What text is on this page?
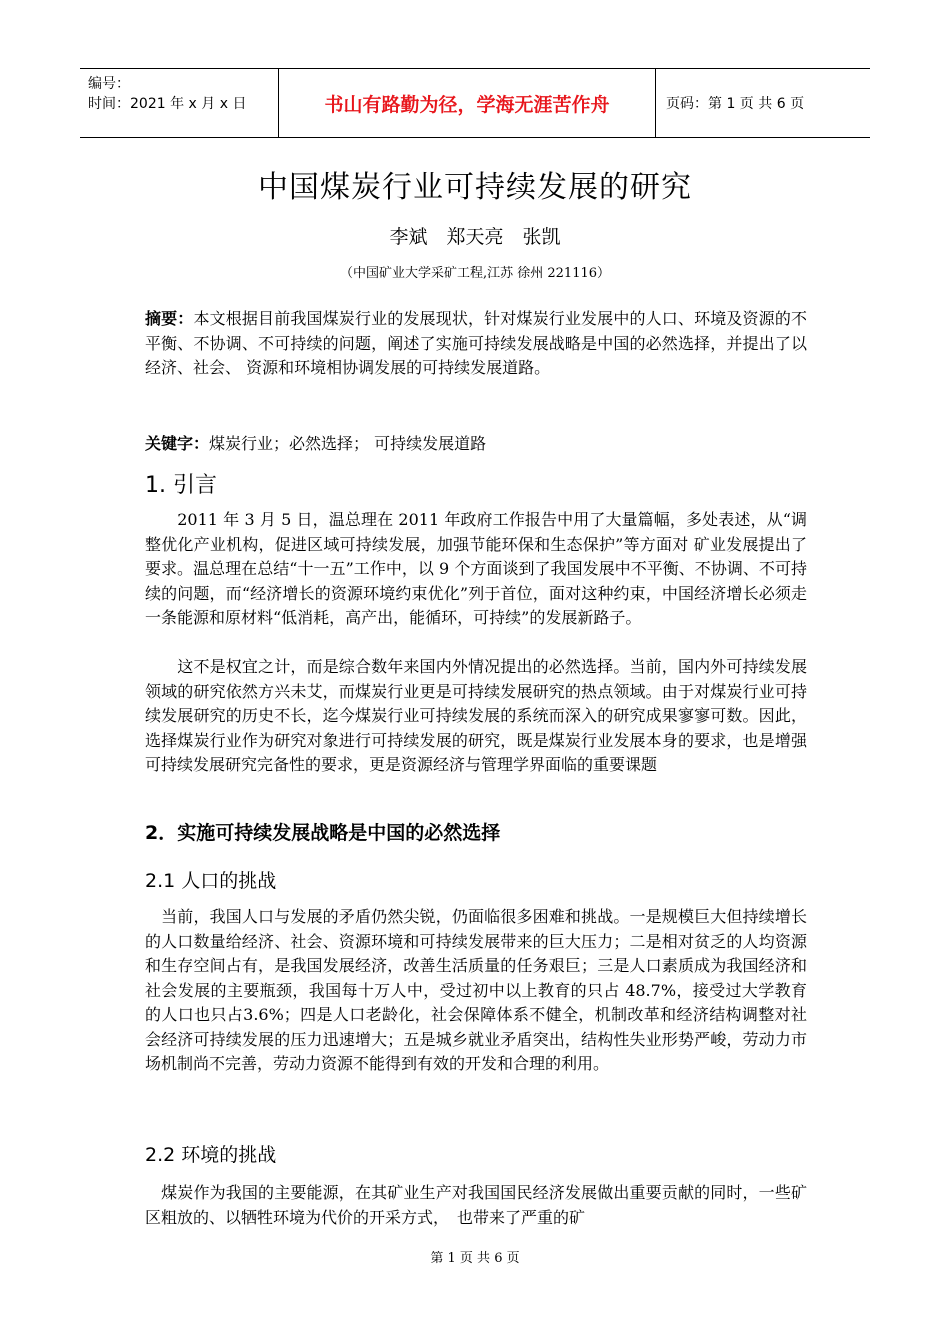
编号：
时间：2021 年 x 月 x 日	书山有路勤为径，学海无涯苦作舟	页码：第 1 页 共 6 页
中国煤炭行业可持续发展的研究
李斌　郑天亮　张凯
（中国矿业大学采矿工程,江苏 徐州 221116）
摘要：本文根据目前我国煤炭行业的发展现状，针对煤炭行业发展中的人口、环境及资源的不平衡、不协调、不可持续的问题，阐述了实施可持续发展战略是中国的必然选择，并提出了以经济、社会、 资源和环境相协调发展的可持续发展道路。
关键字：煤炭行业；必然选择； 可持续发展道路
1. 引言
　　2011 年 3 月 5 日，温总理在 2011 年政府工作报告中用了大量篇幅，多处表述，从“调整优化产业机构，促进区域可持续发展，加强节能环保和生态保护”等方面对 矿业发展提出了要求。温总理在总结“十一五”工作中，以 9 个方面谈到了我国发展中不平衡、不协调、不可持续的问题，而“经济增长的资源环境约束优化”列于首位，面对这种约束，中国经济增长必须走一条能源和原材料“低消耗，高产出，能循环，可持续”的发展新路子。
　　这不是权宜之计，而是综合数年来国内外情况提出的必然选择。当前，国内外可持续发展领域的研究依然方兴未艾，而煤炭行业更是可持续发展研究的热点领域。由于对煤炭行业可持续发展研究的历史不长，迄今煤炭行业可持续发展的系统而深入的研究成果寥寥可数。因此，选择煤炭行业作为研究对象进行可持续发展的研究，既是煤炭行业发展本身的要求，也是增强可持续发展研究完备性的要求，更是资源经济与管理学界面临的重要课题
2．实施可持续发展战略是中国的必然选择
2.1 人口的挑战
　当前，我国人口与发展的矛盾仍然尖锐，仍面临很多困难和挑战。一是规模巨大但持续增长的人口数量给经济、社会、资源环境和可持续发展带来的巨大压力；二是相对贫乏的人均资源和生存空间占有，是我国发展经济，改善生活质量的任务艰巨；三是人口素质成为我国经济和社会发展的主要瓶颈，我国每十万人中，受过初中以上教育的只占 48.7%，接受过大学教育的人口也只占3.6%；四是人口老龄化，社会保障体系不健全，机制改革和经济结构调整对社会经济可持续发展的压力迅速增大；五是城乡就业矛盾突出，结构性失业形势严峻，劳动力市场机制尚不完善，劳动力资源不能得到有效的开发和合理的利用。
2.2 环境的挑战
　煤炭作为我国的主要能源，在其矿业生产对我国国民经济发展做出重要贡献的同时，一些矿区粗放的、以牺牲环境为代价的开采方式，　也带来了严重的矿
第 1 页 共 6 页
